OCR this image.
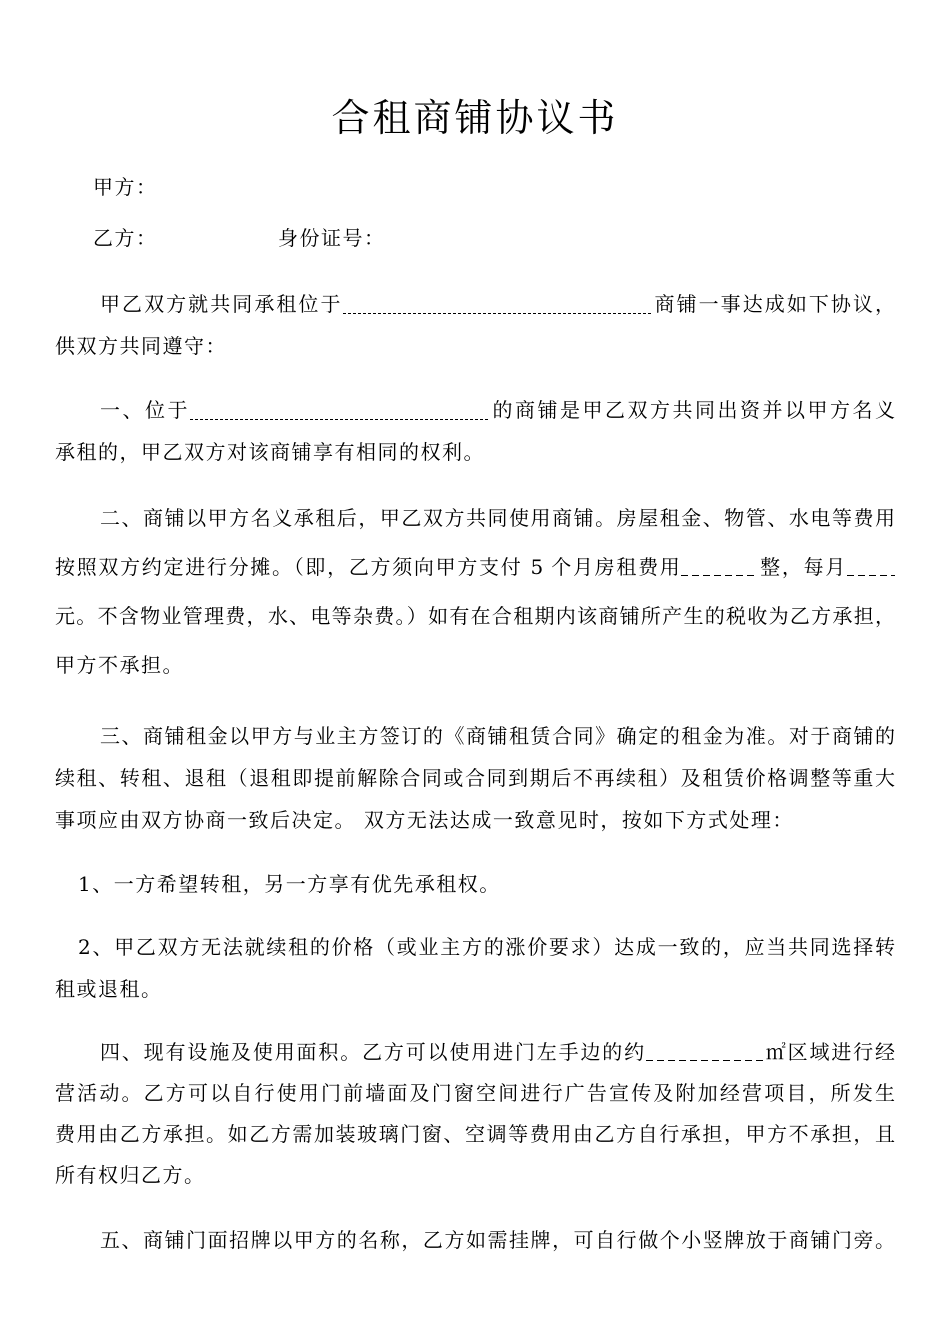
合租商铺协议书
甲方：
乙方：	身份证号：
甲乙双方就共同承租位于	商铺一事达成如下协议，
供双方共同遵守：
一、位于	的商铺是甲乙双方共同出资并以甲方名义
承租的，甲乙双方对该商铺享有相同的权利。
二、商铺以甲方名义承租后，甲乙双方共同使用商铺。房屋租金、物管、水电等费用
按照双方约定进行分摊。（即，乙方须向甲方支付 5 个月房租费用	整，每月
元。不含物业管理费，水、电等杂费。）如有在合租期内该商铺所产生的税收为乙方承担，
甲方不承担。
三、商铺租金以甲方与业主方签订的《商铺租赁合同》确定的租金为准。对于商铺的
续租、转租、退租（退租即提前解除合同或合同到期后不再续租）及租赁价格调整等重大
事项应由双方协商一致后决定。 双方无法达成一致意见时，按如下方式处理：
1、一方希望转租，另一方享有优先承租权。
2、甲乙双方无法就续租的价格（或业主方的涨价要求）达成一致的，应当共同选择转
租或退租。
四、现有设施及使用面积。乙方可以使用进门左手边的约	㎡区域进行经
营活动。乙方可以自行使用门前墙面及门窗空间进行广告宣传及附加经营项目，所发生
费用由乙方承担。如乙方需加装玻璃门窗、空调等费用由乙方自行承担，甲方不承担，且
所有权归乙方。
五、商铺门面招牌以甲方的名称，乙方如需挂牌，可自行做个小竖牌放于商铺门旁。
